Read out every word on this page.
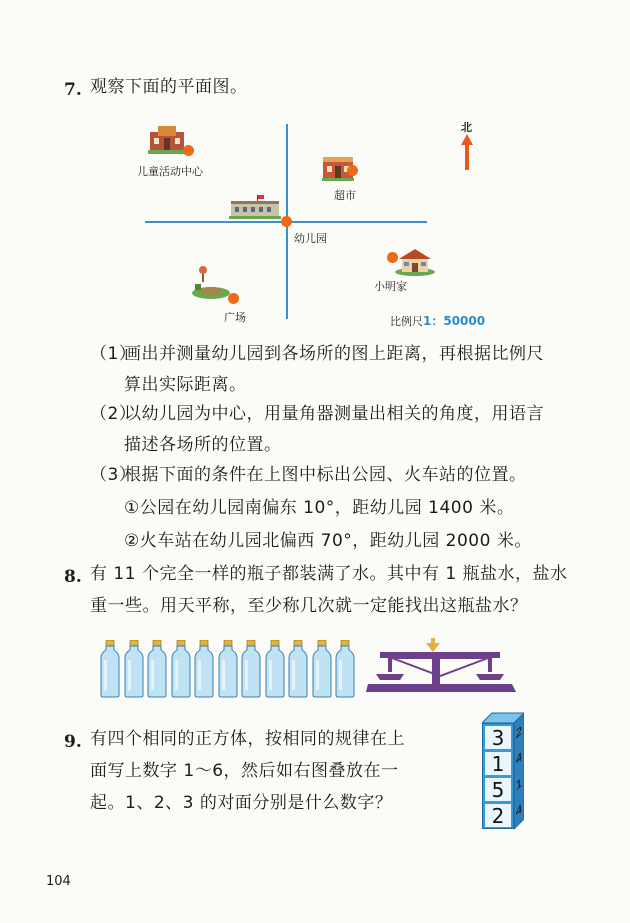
7. 观察下面的平面图。
北
儿童活动中心
超市
幼儿园
小明家
广场	比例尺1：50000
（1）
画出并测量幼儿园到各场所的图上距离，再根据比例尺
算出实际距离。
（2）
以幼儿园为中心，用量角器测量出相关的角度，用语言
描述各场所的位置。
（3）
根据下面的条件在上图中标出公园、火车站的位置。
①公园在幼儿园南偏东 10°，距幼儿园 1400 米。
②火车站在幼儿园北偏西 70°，距幼儿园 2000 米。
8. 有 11 个完全一样的瓶子都装满了水。其中有 1 瓶盐水，盐水
重一些。用天平称，至少称几次就一定能找出这瓶盐水？
9. 有四个相同的正方体，按相同的规律在上
面写上数字 1～6，然后如右图叠放在一
起。1、2、3 的对面分别是什么数字？
3
1
5
2
2
4
1
4
104
